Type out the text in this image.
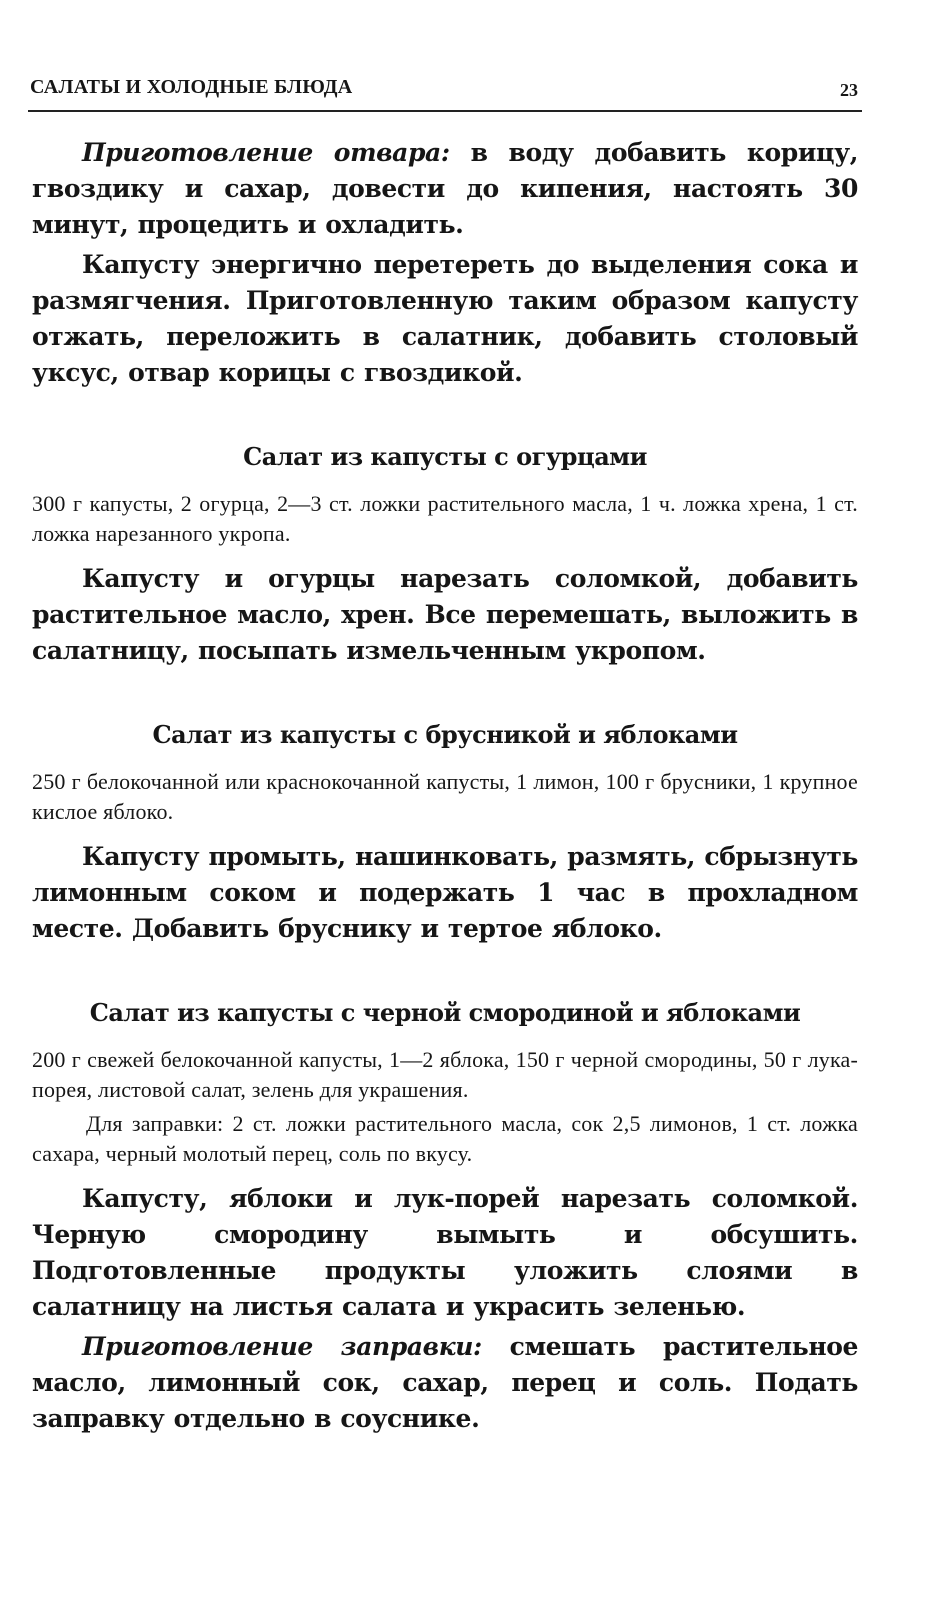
САЛАТЫ И ХОЛОДНЫЕ БЛЮДА	23

Приготовление отвара: в воду добавить корицу, гвоздику и сахар, довести до кипения, настоять 30 минут, процедить и охладить.

Капусту энергично перетереть до выделения сока и размягчения. Приготовленную таким образом капусту отжать, переложить в салатник, добавить столовый уксус, отвар корицы с гвоздикой.

Салат из капусты с огурцами

300 г капусты, 2 огурца, 2—3 ст. ложки растительного масла, 1 ч. ложка хрена, 1 ст. ложка нарезанного укропа.

Капусту и огурцы нарезать соломкой, добавить растительное масло, хрен. Все перемешать, выложить в салатницу, посыпать измельченным укропом.

Салат из капусты с брусникой и яблоками

250 г белокочанной или краснокочанной капусты, 1 лимон, 100 г брусники, 1 крупное кислое яблоко.

Капусту промыть, нашинковать, размять, сбрызнуть лимонным соком и подержать 1 час в прохладном месте. Добавить бруснику и тертое яблоко.

Салат из капусты с черной смородиной и яблоками

200 г свежей белокочанной капусты, 1—2 яблока, 150 г черной смородины, 50 г лука-порея, листовой салат, зелень для украшения.

Для заправки: 2 ст. ложки растительного масла, сок 2,5 лимонов, 1 ст. ложка сахара, черный молотый перец, соль по вкусу.

Капусту, яблоки и лук-порей нарезать соломкой. Черную смородину вымыть и обсушить. Подготовленные продукты уложить слоями в салатницу на листья салата и украсить зеленью.

Приготовление заправки: смешать растительное масло, лимонный сок, сахар, перец и соль. Подать заправку отдельно в соуснике.
